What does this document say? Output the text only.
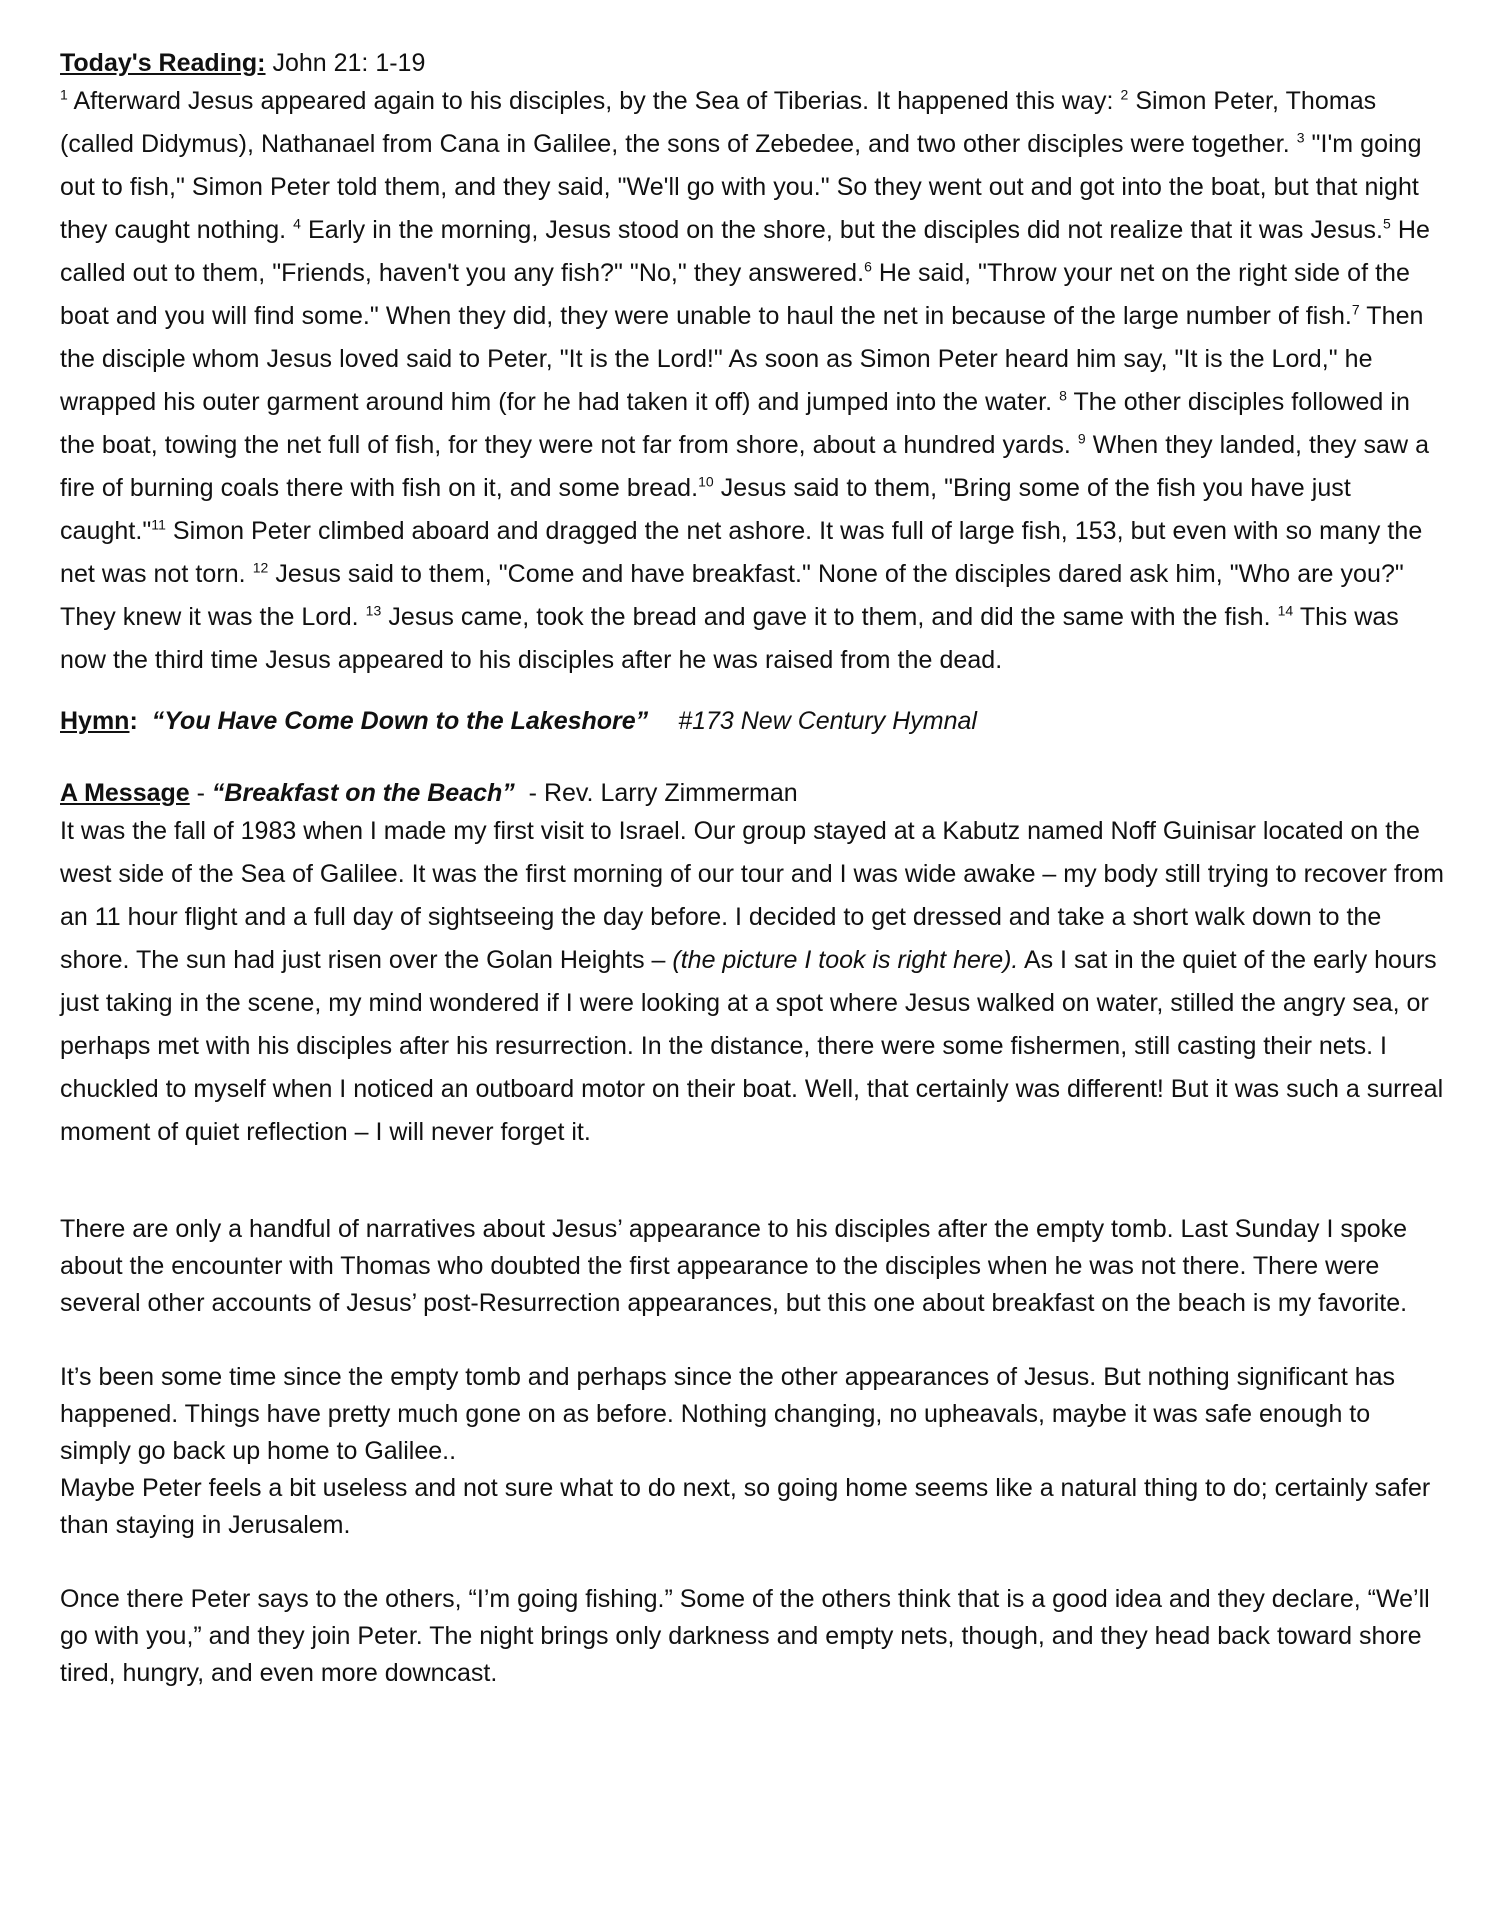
Today's Reading: John 21: 1-19

$^1$ Afterward Jesus appeared again to his disciples, by the Sea of Tiberias. It happened this way: $^2$ Simon Peter, Thomas (called Didymus), Nathanael from Cana in Galilee, the sons of Zebedee, and two other disciples were together. $^3$ "I'm going out to fish," Simon Peter told them, and they said, "We'll go with you." So they went out and got into the boat, but that night they caught nothing. $^4$ Early in the morning, Jesus stood on the shore, but the disciples did not realize that it was Jesus.$^5$ He called out to them, "Friends, haven't you any fish?" "No," they answered.$^6$ He said, "Throw your net on the right side of the boat and you will find some." When they did, they were unable to haul the net in because of the large number of fish.$^7$ Then the disciple whom Jesus loved said to Peter, "It is the Lord!" As soon as Simon Peter heard him say, "It is the Lord," he wrapped his outer garment around him (for he had taken it off) and jumped into the water. $^8$ The other disciples followed in the boat, towing the net full of fish, for they were not far from shore, about a hundred yards. $^9$ When they landed, they saw a fire of burning coals there with fish on it, and some bread.$^{10}$ Jesus said to them, "Bring some of the fish you have just caught."$^{11}$ Simon Peter climbed aboard and dragged the net ashore. It was full of large fish, 153, but even with so many the net was not torn. $^{12}$ Jesus said to them, "Come and have breakfast." None of the disciples dared ask him, "Who are you?" They knew it was the Lord. $^{13}$ Jesus came, took the bread and gave it to them, and did the same with the fish. $^{14}$ This was now the third time Jesus appeared to his disciples after he was raised from the dead.

Hymn: “You Have Come Down to the Lakeshore” #173 New Century Hymnal

A Message - “Breakfast on the Beach”  - Rev. Larry Zimmerman

It was the fall of 1983 when I made my first visit to Israel. Our group stayed at a Kabutz named Noff Guinisar located on the west side of the Sea of Galilee. It was the first morning of our tour and I was wide awake – my body still trying to recover from an 11 hour flight and a full day of sightseeing the day before. I decided to get dressed and take a short walk down to the shore. The sun had just risen over the Golan Heights – (the picture I took is right here). As I sat in the quiet of the early hours just taking in the scene, my mind wondered if I were looking at a spot where Jesus walked on water, stilled the angry sea, or perhaps met with his disciples after his resurrection. In the distance, there were some fishermen, still casting their nets. I chuckled to myself when I noticed an outboard motor on their boat. Well, that certainly was different! But it was such a surreal moment of quiet reflection – I will never forget it.

There are only a handful of narratives about Jesus’ appearance to his disciples after the empty tomb. Last Sunday I spoke about the encounter with Thomas who doubted the first appearance to the disciples when he was not there. There were several other accounts of Jesus’ post-Resurrection appearances, but this one about breakfast on the beach is my favorite.

It’s been some time since the empty tomb and perhaps since the other appearances of Jesus. But nothing significant has happened. Things have pretty much gone on as before. Nothing changing, no upheavals, maybe it was safe enough to simply go back up home to Galilee..

Maybe Peter feels a bit useless and not sure what to do next, so going home seems like a natural thing to do; certainly safer than staying in Jerusalem.

Once there Peter says to the others, “I’m going fishing.” Some of the others think that is a good idea and they declare, “We’ll go with you,” and they join Peter. The night brings only darkness and empty nets, though, and they head back toward shore tired, hungry, and even more downcast.
